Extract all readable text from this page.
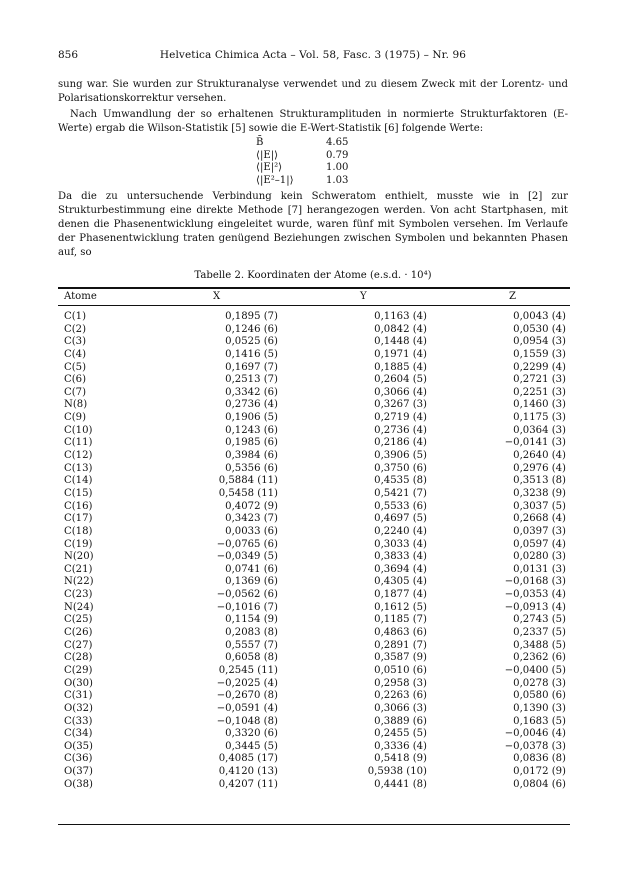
856	Helvetica Chimica Acta – Vol. 58, Fasc. 3 (1975) – Nr. 96

sung war. Sie wurden zur Strukturanalyse verwendet und zu diesem Zweck mit der Lorentz- und Polarisationskorrektur versehen.

Nach Umwandlung der so erhaltenen Strukturamplituden in normierte Strukturfaktoren (E-Werte) ergab die Wilson-Statistik [5] sowie die E-Wert-Statistik [6] folgende Werte:

B̄	4.65
⟨|E|⟩	0.79
⟨|E|²⟩	1.00
⟨|E²–1|⟩	1.03

Da die zu untersuchende Verbindung kein Schweratom enthielt, musste wie in [2] zur Strukturbestimmung eine direkte Methode [7] herangezogen werden. Von acht Startphasen, mit denen die Phasenentwicklung eingeleitet wurde, waren fünf mit Symbolen versehen. Im Verlaufe der Phasenentwicklung traten genügend Beziehungen zwischen Symbolen und bekannten Phasen auf, so

Tabelle 2. Koordinaten der Atome (e.s.d. · 10⁴)
Atome	X	Y	Z
C(1)	0,1895 (7)	0,1163 (4)	0,0043 (4)
C(2)	0,1246 (6)	0,0842 (4)	0,0530 (4)
C(3)	0,0525 (6)	0,1448 (4)	0,0954 (3)
C(4)	0,1416 (5)	0,1971 (4)	0,1559 (3)
C(5)	0,1697 (7)	0,1885 (4)	0,2299 (4)
C(6)	0,2513 (7)	0,2604 (5)	0,2721 (3)
C(7)	0,3342 (6)	0,3066 (4)	0,2251 (3)
N(8)	0,2736 (4)	0,3267 (3)	0,1460 (3)
C(9)	0,1906 (5)	0,2719 (4)	0,1175 (3)
C(10)	0,1243 (6)	0,2736 (4)	0,0364 (3)
C(11)	0,1985 (6)	0,2186 (4)	−0,0141 (3)
C(12)	0,3984 (6)	0,3906 (5)	0,2640 (4)
C(13)	0,5356 (6)	0,3750 (6)	0,2976 (4)
C(14)	0,5884 (11)	0,4535 (8)	0,3513 (8)
C(15)	0,5458 (11)	0,5421 (7)	0,3238 (9)
C(16)	0,4072 (9)	0,5533 (6)	0,3037 (5)
C(17)	0,3423 (7)	0,4697 (5)	0,2668 (4)
C(18)	0,0033 (6)	0,2240 (4)	0,0397 (3)
C(19)	−0,0765 (6)	0,3033 (4)	0,0597 (4)
N(20)	−0,0349 (5)	0,3833 (4)	0,0280 (3)
C(21)	0,0741 (6)	0,3694 (4)	0,0131 (3)
N(22)	0,1369 (6)	0,4305 (4)	−0,0168 (3)
C(23)	−0,0562 (6)	0,1877 (4)	−0,0353 (4)
N(24)	−0,1016 (7)	0,1612 (5)	−0,0913 (4)
C(25)	0,1154 (9)	0,1185 (7)	0,2743 (5)
C(26)	0,2083 (8)	0,4863 (6)	0,2337 (5)
C(27)	0,5557 (7)	0,2891 (7)	0,3488 (5)
C(28)	0,6058 (8)	0,3587 (9)	0,2362 (6)
C(29)	0,2545 (11)	0,0510 (6)	−0,0400 (5)
O(30)	−0,2025 (4)	0,2958 (3)	0,0278 (3)
C(31)	−0,2670 (8)	0,2263 (6)	0,0580 (6)
O(32)	−0,0591 (4)	0,3066 (3)	0,1390 (3)
C(33)	−0,1048 (8)	0,3889 (6)	0,1683 (5)
C(34)	0,3320 (6)	0,2455 (5)	−0,0046 (4)
O(35)	0,3445 (5)	0,3336 (4)	−0,0378 (3)
C(36)	0,4085 (17)	0,5418 (9)	0,0836 (8)
O(37)	0,4120 (13)	0,5938 (10)	0,0172 (9)
O(38)	0,4207 (11)	0,4441 (8)	0,0804 (6)
